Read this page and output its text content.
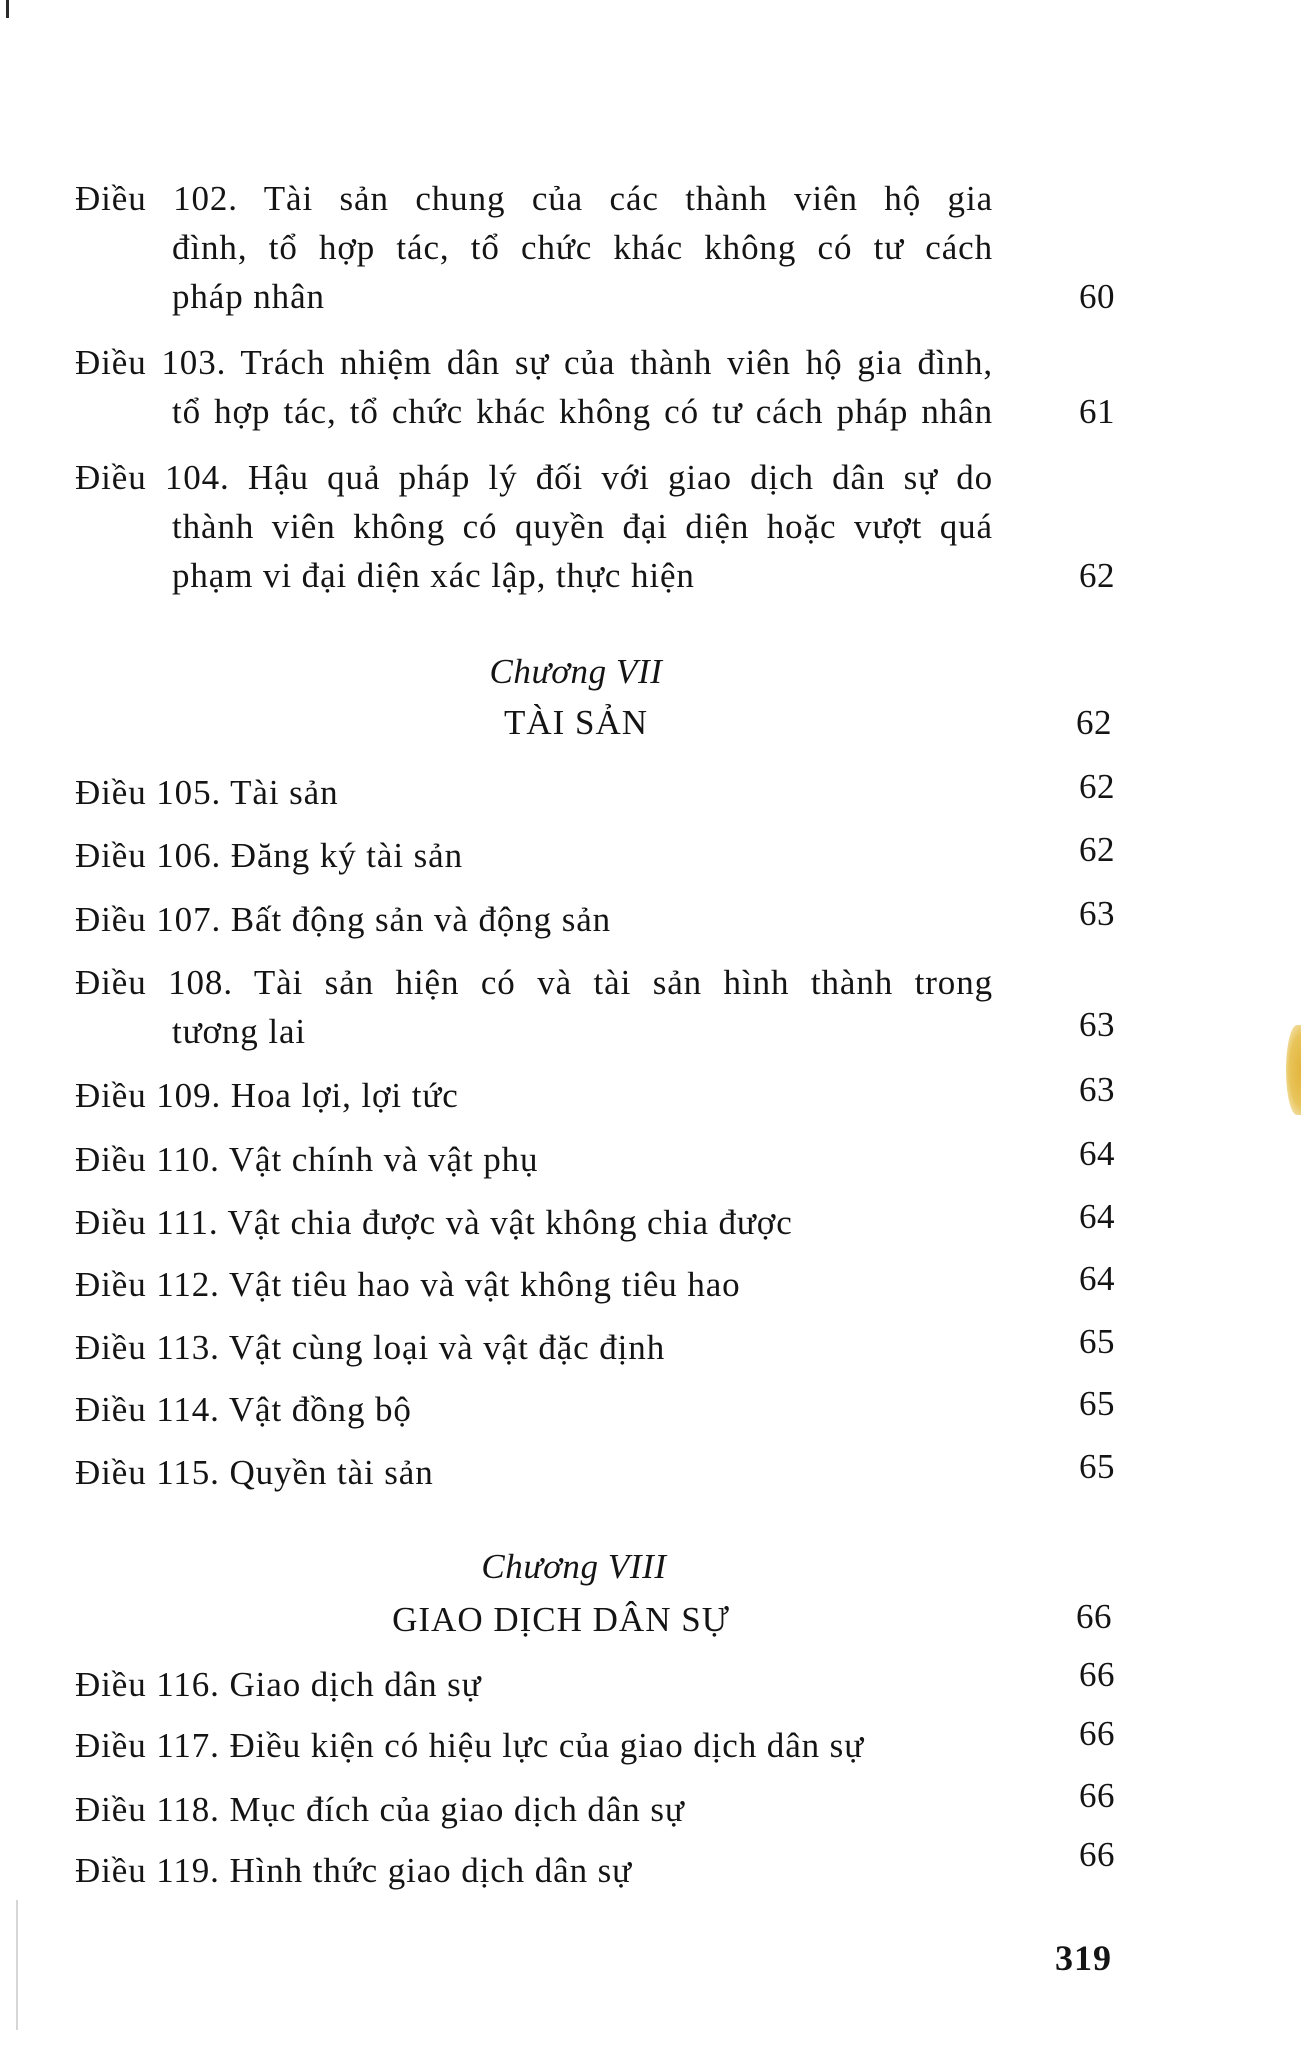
Điều 102. Tài sản chung của các thành viên hộ gia
đình, tổ hợp tác, tổ chức khác không có tư cách
pháp nhân	60
Điều 103. Trách nhiệm dân sự của thành viên hộ gia đình,
tổ hợp tác, tổ chức khác không có tư cách pháp nhân	61
Điều 104. Hậu quả pháp lý đối với giao dịch dân sự do
thành viên không có quyền đại diện hoặc vượt quá
phạm vi đại diện xác lập, thực hiện	62
Chương VII
TÀI SẢN	62
Điều 105. Tài sản	62
Điều 106. Đăng ký tài sản	62
Điều 107. Bất động sản và động sản	63
Điều 108. Tài sản hiện có và tài sản hình thành trong
tương lai	63
Điều 109. Hoa lợi, lợi tức	63
Điều 110. Vật chính và vật phụ	64
Điều 111. Vật chia được và vật không chia được	64
Điều 112. Vật tiêu hao và vật không tiêu hao	64
Điều 113. Vật cùng loại và vật đặc định	65
Điều 114. Vật đồng bộ	65
Điều 115. Quyền tài sản	65
Chương VIII
GIAO DỊCH DÂN SỰ	66
Điều 116. Giao dịch dân sự	66
Điều 117. Điều kiện có hiệu lực của giao dịch dân sự	66
Điều 118. Mục đích của giao dịch dân sự	66
Điều 119. Hình thức giao dịch dân sự	66
319
